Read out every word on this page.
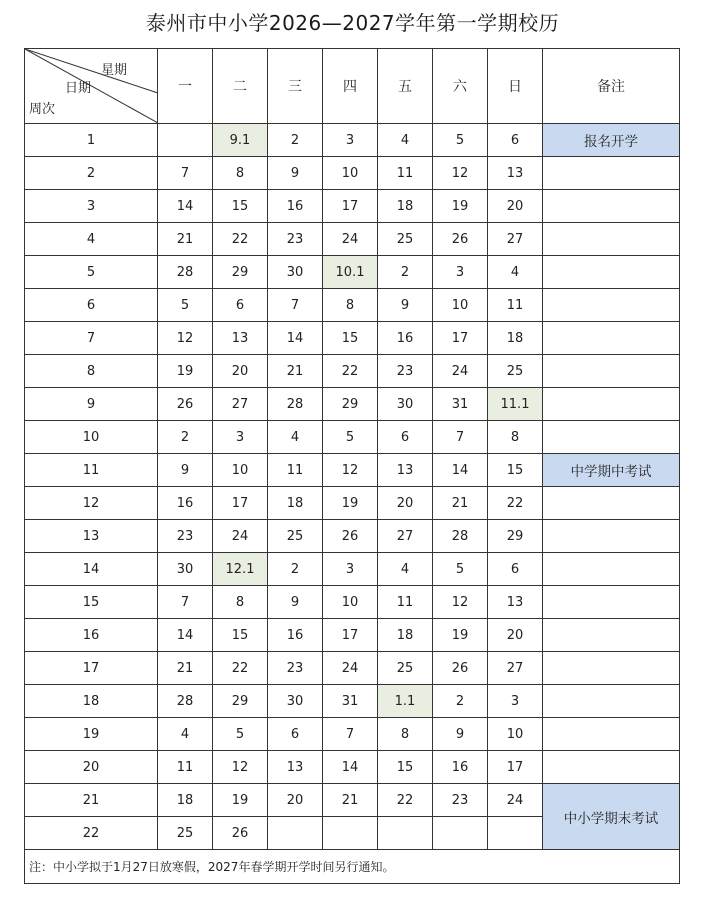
泰州市中小学2026—2027学年第一学期校历
星期
日期
周次	一	二	三	四	五	六	日	备注
1		9.1	2	3	4	5	6	报名开学
2	7	8	9	10	11	12	13	
3	14	15	16	17	18	19	20	
4	21	22	23	24	25	26	27	
5	28	29	30	10.1	2	3	4	
6	5	6	7	8	9	10	11	
7	12	13	14	15	16	17	18	
8	19	20	21	22	23	24	25	
9	26	27	28	29	30	31	11.1	
10	2	3	4	5	6	7	8	
11	9	10	11	12	13	14	15	中学期中考试
12	16	17	18	19	20	21	22	
13	23	24	25	26	27	28	29	
14	30	12.1	2	3	4	5	6	
15	7	8	9	10	11	12	13	
16	14	15	16	17	18	19	20	
17	21	22	23	24	25	26	27	
18	28	29	30	31	1.1	2	3	
19	4	5	6	7	8	9	10	
20	11	12	13	14	15	16	17	
21	18	19	20	21	22	23	24	中小学期末考试
22	25	26						
注：中小学拟于1月27日放寒假，2027年春学期开学时间另行通知。								
